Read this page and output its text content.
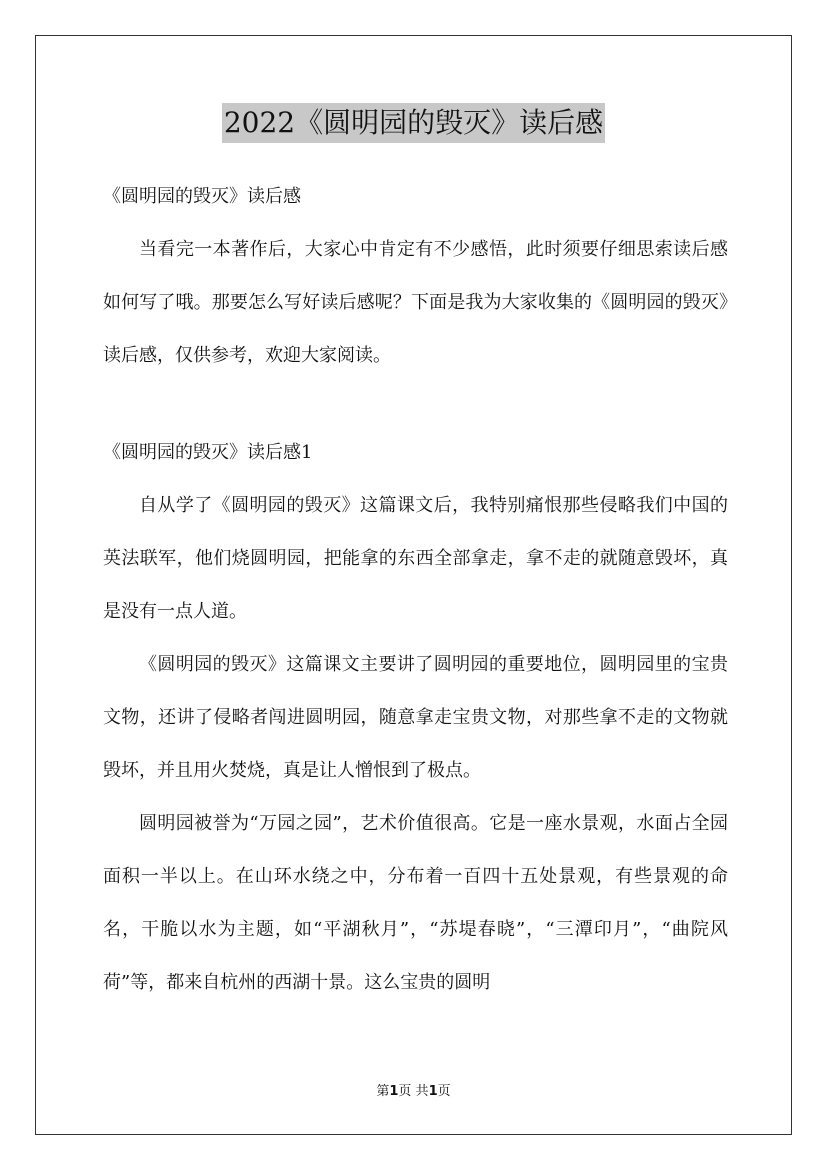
2022《圆明园的毁灭》读后感

《圆明园的毁灭》读后感

当看完一本著作后，大家心中肯定有不少感悟，此时须要仔细思索读后感如何写了哦。那要怎么写好读后感呢？下面是我为大家收集的《圆明园的毁灭》读后感，仅供参考，欢迎大家阅读。

《圆明园的毁灭》读后感1

自从学了《圆明园的毁灭》这篇课文后，我特别痛恨那些侵略我们中国的英法联军，他们烧圆明园，把能拿的东西全部拿走，拿不走的就随意毁坏，真是没有一点人道。

《圆明园的毁灭》这篇课文主要讲了圆明园的重要地位，圆明园里的宝贵文物，还讲了侵略者闯进圆明园，随意拿走宝贵文物，对那些拿不走的文物就毁坏，并且用火焚烧，真是让人憎恨到了极点。

圆明园被誉为“万园之园”，艺术价值很高。它是一座水景观，水面占全园面积一半以上。在山环水绕之中，分布着一百四十五处景观，有些景观的命名，干脆以水为主题，如“平湖秋月”，“苏堤春晓”，“三潭印月”，“曲院风荷”等，都来自杭州的西湖十景。这么宝贵的圆明

第1页 共1页
